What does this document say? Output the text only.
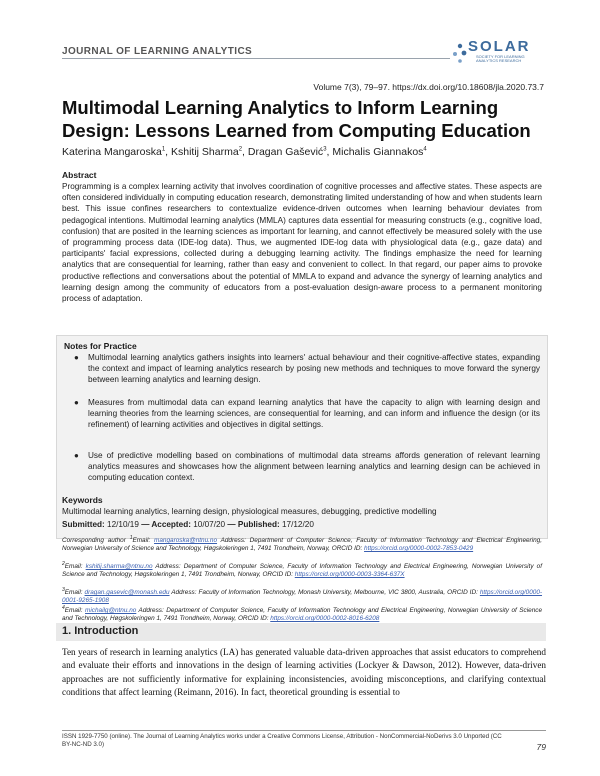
JOURNAL OF LEARNING ANALYTICS	SOLAR
SOCIETY FOR LEARNING ANALYTICS RESEARCH
Volume 7(3), 79–97. https://dx.doi.org/10.18608/jla.2020.73.7
Multimodal Learning Analytics to Inform Learning Design: Lessons Learned from Computing Education
Katerina Mangaroska$^1$, Kshitij Sharma$^2$, Dragan Gašević$^3$, Michalis Giannakos$^4$
Abstract
Programming is a complex learning activity that involves coordination of cognitive processes and affective states. These aspects are often considered individually in computing education research, demonstrating limited understanding of how and when students learn best. This issue confines researchers to contextualize evidence-driven outcomes when learning behaviour deviates from pedagogical intentions. Multimodal learning analytics (MMLA) captures data essential for measuring constructs (e.g., cognitive load, confusion) that are posited in the learning sciences as important for learning, and cannot effectively be measured solely with the use of programming process data (IDE-log data). Thus, we augmented IDE-log data with physiological data (e.g., gaze data) and participants' facial expressions, collected during a debugging learning activity. The findings emphasize the need for learning analytics that are consequential for learning, rather than easy and convenient to collect. In that regard, our paper aims to provoke productive reflections and conversations about the potential of MMLA to expand and advance the synergy of learning analytics and learning design among the community of educators from a post-evaluation design-aware process to a permanent monitoring process of adaptation.
Notes for Practice
● Multimodal learning analytics gathers insights into learners' actual behaviour and their cognitive-affective states, expanding the context and impact of learning analytics research by posing new methods and techniques to move forward the synergy between learning analytics and learning design.
● Measures from multimodal data can expand learning analytics that have the capacity to align with learning design and learning theories from the learning sciences, are consequential for learning, and can inform and influence the design (or its refinement) of learning activities and objectives in digital settings.
● Use of predictive modelling based on combinations of multimodal data streams affords generation of relevant learning analytics measures and showcases how the alignment between learning analytics and learning design can be achieved in computing education context.
Keywords
Multimodal learning analytics, learning design, physiological measures, debugging, predictive modelling
Submitted: 12/10/19 — Accepted: 10/07/20 — Published: 17/12/20
Corresponding author $^1$Email: mangaroska@ntnu.no Address: Department of Computer Science, Faculty of Information Technology and Electrical Engineering, Norwegian University of Science and Technology, Høgskoleringen 1, 7491 Trondheim, Norway, ORCID ID: https://orcid.org/0000-0002-7853-0429
$^2$Email: kshitij.sharma@ntnu.no Address: Department of Computer Science, Faculty of Information Technology and Electrical Engineering, Norwegian University of Science and Technology, Høgskoleringen 1, 7491 Trondheim, Norway, ORCID ID: https://orcid.org/0000-0003-3364-637X
$^3$Email: dragan.gasevic@monash.edu Address: Faculty of Information Technology, Monash University, Melbourne, VIC 3800, Australia, ORCID ID: https://orcid.org/0000-0001-9265-1908
$^4$Email: michailg@ntnu.no Address: Department of Computer Science, Faculty of Information Technology and Electrical Engineering, Norwegian University of Science and Technology, Høgskoleringen 1, 7491 Trondheim, Norway, ORCID ID: https://orcid.org/0000-0002-8016-6208
1. Introduction
Ten years of research in learning analytics (LA) has generated valuable data-driven approaches that assist educators to comprehend and evaluate their efforts and innovations in the design of learning activities (Lockyer & Dawson, 2012). However, data-driven approaches are not sufficiently informative for explaining inconsistencies, avoiding misconceptions, and clarifying contextual conditions that affect learning (Reimann, 2016). In fact, theoretical grounding is essential to
ISSN 1929-7750 (online). The Journal of Learning Analytics works under a Creative Commons License, Attribution - NonCommercial-NoDerivs 3.0 Unported (CC BY-NC-ND 3.0)	79
